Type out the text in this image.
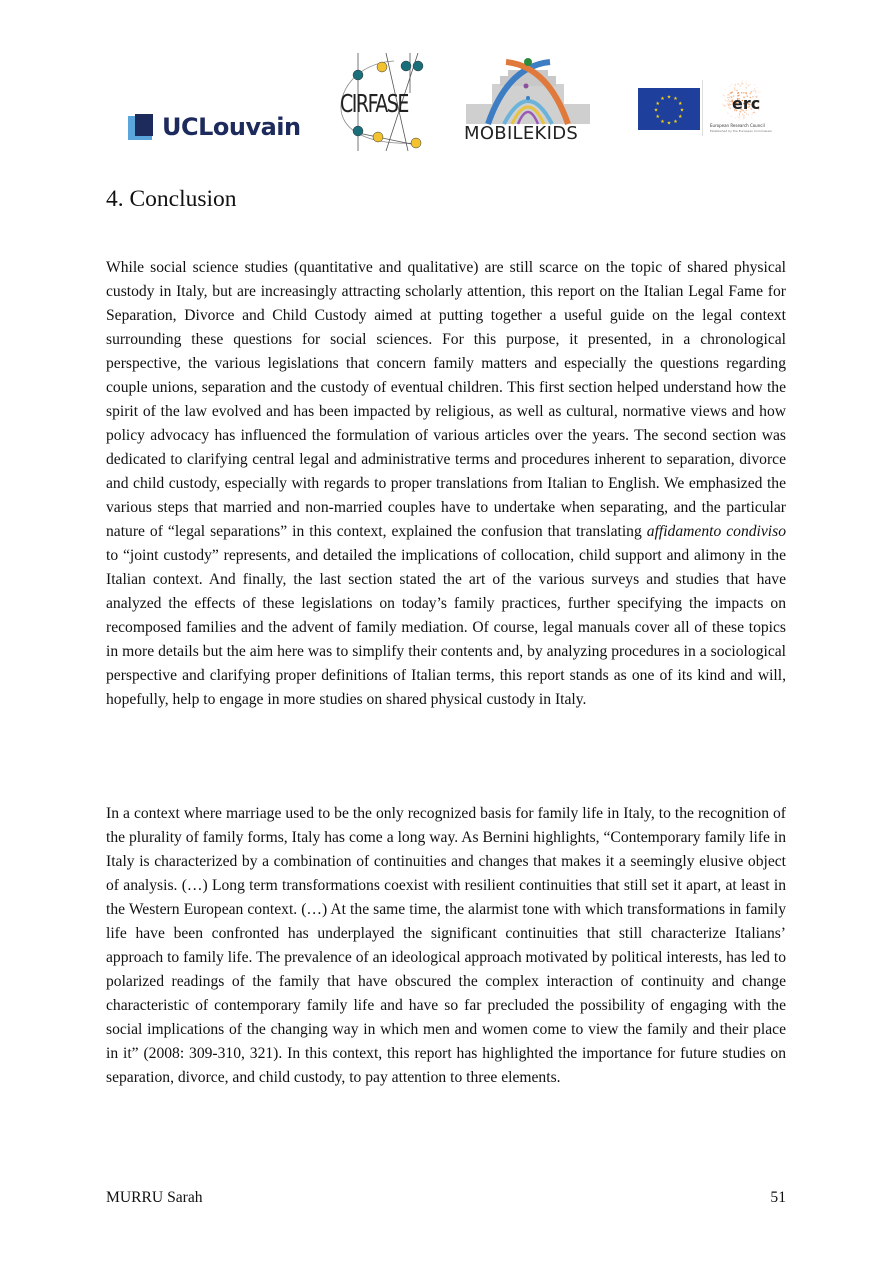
UCLouvain
CIRFASE
MOBILEKIDS
★
★
★
★
★
★
★
★
★ ★ ★
★	erc
European Research Council
Established by the European Commission
4. Conclusion

While social science studies (quantitative and qualitative) are still scarce on the topic of shared physical custody in Italy, but are increasingly attracting scholarly attention, this report on the Italian Legal Fame for Separation, Divorce and Child Custody aimed at putting together a useful guide on the legal context surrounding these questions for social sciences. For this purpose, it presented, in a chronological perspective, the various legislations that concern family matters and especially the questions regarding couple unions, separation and the custody of eventual children. This first section helped understand how the spirit of the law evolved and has been impacted by religious, as well as cultural, normative views and how policy advocacy has influenced the formulation of various articles over the years. The second section was dedicated to clarifying central legal and administrative terms and procedures inherent to separation, divorce and child custody, especially with regards to proper translations from Italian to English. We emphasized the various steps that married and non-married couples have to undertake when separating, and the particular nature of “legal separations” in this context, explained the confusion that translating affidamento condiviso to “joint custody” represents, and detailed the implications of collocation, child support and alimony in the Italian context. And finally, the last section stated the art of the various surveys and studies that have analyzed the effects of these legislations on today’s family practices, further specifying the impacts on recomposed families and the advent of family mediation. Of course, legal manuals cover all of these topics in more details but the aim here was to simplify their contents and, by analyzing procedures in a sociological perspective and clarifying proper definitions of Italian terms, this report stands as one of its kind and will, hopefully, help to engage in more studies on shared physical custody in Italy.

In a context where marriage used to be the only recognized basis for family life in Italy, to the recognition of the plurality of family forms, Italy has come a long way. As Bernini highlights, “Contemporary family life in Italy is characterized by a combination of continuities and changes that makes it a seemingly elusive object of analysis. (…) Long term transformations coexist with resilient continuities that still set it apart, at least in the Western European context. (…) At the same time, the alarmist tone with which transformations in family life have been confronted has underplayed the significant continuities that still characterize Italians’ approach to family life. The prevalence of an ideological approach motivated by political interests, has led to polarized readings of the family that have obscured the complex interaction of continuity and change characteristic of contemporary family life and have so far precluded the possibility of engaging with the social implications of the changing way in which men and women come to view the family and their place in it” (2008: 309-310, 321). In this context, this report has highlighted the importance for future studies on separation, divorce, and child custody, to pay attention to three elements.

MURRU Sarah	51
